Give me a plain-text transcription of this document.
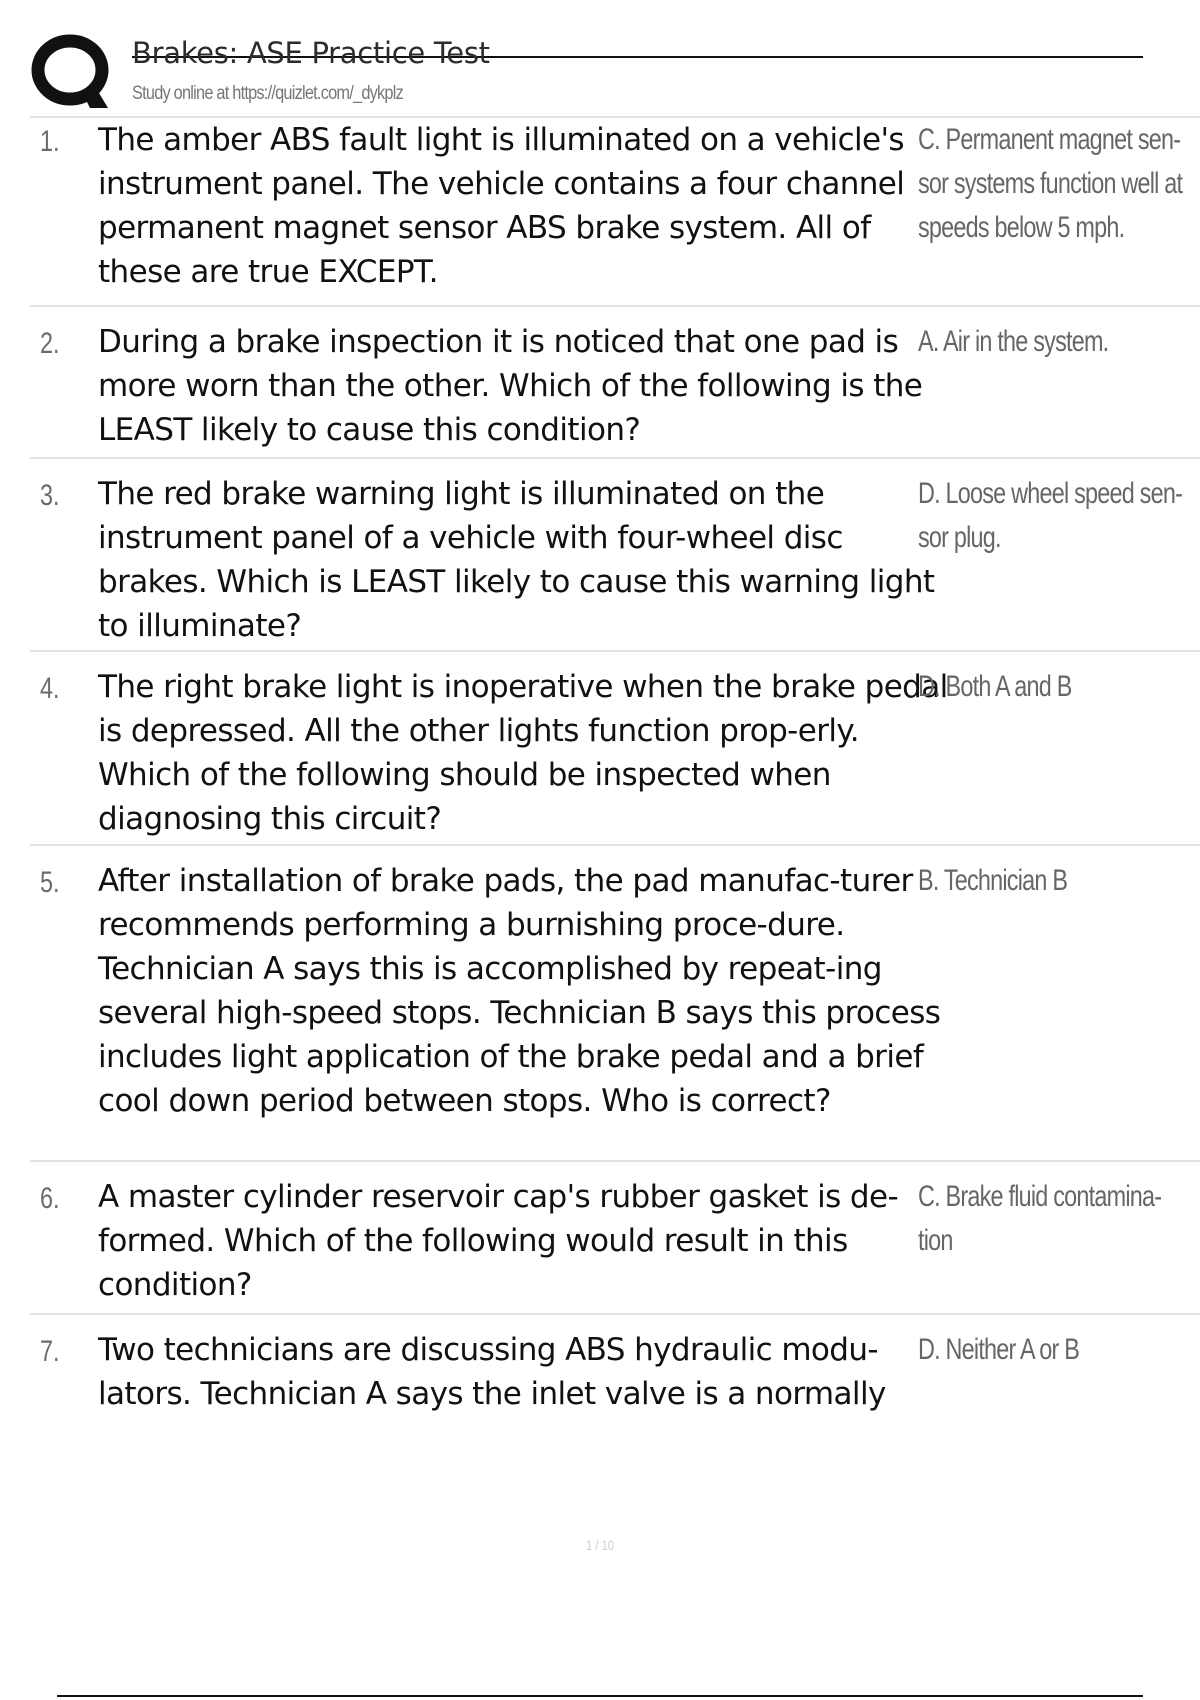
Brakes: ASE Practice Test
Study online at https://quizlet.com/_dykplz
1. The amber ABS fault light is illuminated on a vehicle's instrument panel. The vehicle contains a four channel permanent magnet sensor ABS brake system. All of these are true EXCEPT.
C. Permanent magnet sen-sor systems function well at speeds below 5 mph.
2. During a brake inspection it is noticed that one pad is more worn than the other. Which of the following is the LEAST likely to cause this condition?
A. Air in the system.
3. The red brake warning light is illuminated on the instrument panel of a vehicle with four-wheel disc brakes. Which is LEAST likely to cause this warning light to illuminate?
D. Loose wheel speed sen-sor plug.
4. The right brake light is inoperative when the brake pedal is depressed. All the other lights function prop-erly. Which of the following should be inspected when diagnosing this circuit?
D. Both A and B
5. After installation of brake pads, the pad manufac-turer recommends performing a burnishing proce-dure. Technician A says this is accomplished by repeat-ing several high-speed stops. Technician B says this process includes light application of the brake pedal and a brief cool down period between stops. Who is correct?
B. Technician B
6. A master cylinder reservoir cap's rubber gasket is de-formed. Which of the following would result in this condition?
C. Brake fluid contamina-tion
7. Two technicians are discussing ABS hydraulic modu-lators. Technician A says the inlet valve is a normally
D. Neither A or B
1 / 10
